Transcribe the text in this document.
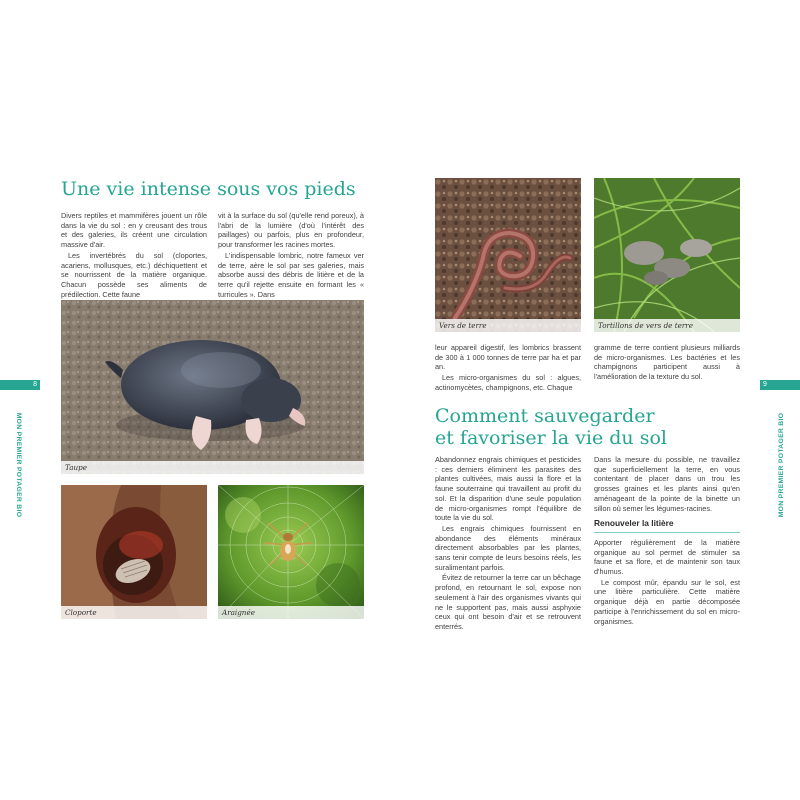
8
MON PREMIER POTAGER BIO
Une vie intense sous vos pieds

Divers reptiles et mammifères jouent un rôle dans la vie du sol : en y creusant des trous et des galeries, ils créent une circulation massive d'air.

Les invertébrés du sol (cloportes, acariens, mollusques, etc.) déchiquettent et se nourrissent de la matière organique. Chacun possède ses aliments de prédilection. Cette faune

vit à la surface du sol (qu'elle rend poreux), à l'abri de la lumière (d'où l'intérêt des paillages) ou parfois, plus en profondeur, pour transformer les racines mortes.

L'indispensable lombric, notre fameux ver de terre, aère le sol par ses galeries, mais absorbe aussi des débris de litière et de la terre qu'il rejette ensuite en formant les « turricules ». Dans

Taupe
Cloporte	Araignée
9
MON PREMIER POTAGER BIO
Vers de terre	Tortillons de vers de terre

leur appareil digestif, les lombrics brassent de 300 à 1 000 tonnes de terre par ha et par an.

Les micro-organismes du sol : algues, actinomycètes, champignons, etc. Chaque

gramme de terre contient plusieurs milliards de micro-organismes. Les bactéries et les champignons participent aussi à l'amélioration de la texture du sol.

Comment sauvegarder
et favoriser la vie du sol

Abandonnez engrais chimiques et pesticides : ces derniers éliminent les parasites des plantes cultivées, mais aussi la flore et la faune souterraine qui travaillent au profit du sol. Et la disparition d'une seule population de micro-organismes rompt l'équilibre de toute la vie du sol.

Les engrais chimiques fournissent en abondance des éléments minéraux directement absorbables par les plantes, sans tenir compte de leurs besoins réels, les suralimentant parfois.

Évitez de retourner la terre car un bêchage profond, en retournant le sol, expose non seulement à l'air des organismes vivants qui ne le supportent pas, mais aussi asphyxie ceux qui ont besoin d'air et se retrouvent enterrés.

Dans la mesure du possible, ne travaillez que superficiellement la terre, en vous contentant de placer dans un trou les grosses graines et les plants ainsi qu'en aménageant de la pointe de la binette un sillon où semer les légumes-racines.

Renouveler la litière

Apporter régulièrement de la matière organique au sol permet de stimuler sa faune et sa flore, et de maintenir son taux d'humus.

Le compost mûr, épandu sur le sol, est une litière particulière. Cette matière organique déjà en partie décomposée participe à l'enrichissement du sol en micro-organismes.
